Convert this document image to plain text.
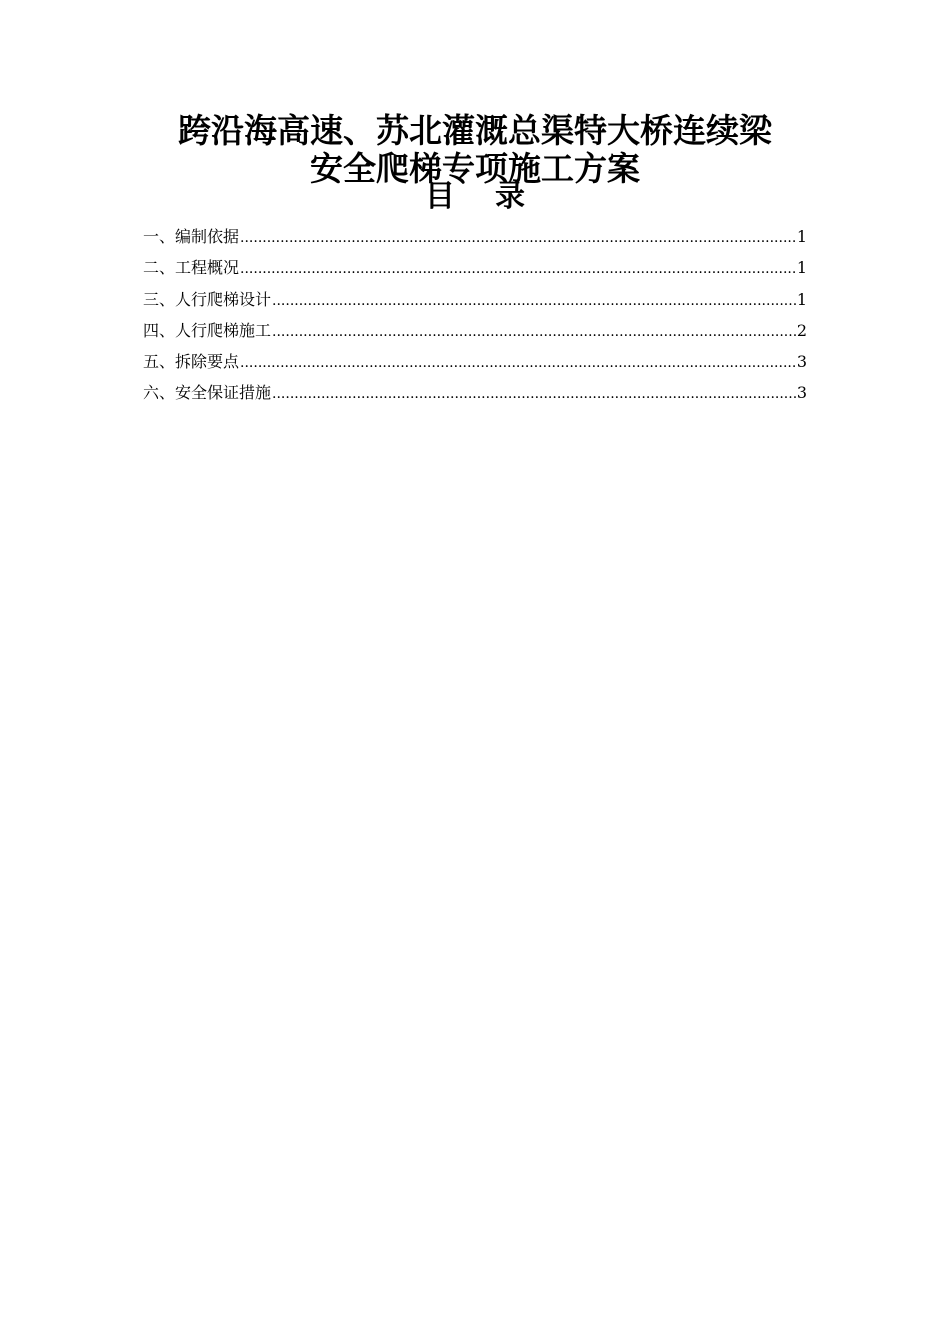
跨沿海高速、苏北灌溉总渠特大桥连续梁
安全爬梯专项施工方案
目 录
一、编制依据 .....	1
二、工程概况 .....	1
三、人行爬梯设计 .....	1
四、人行爬梯施工 .....	2
五、拆除要点 .....	3
六、安全保证措施 .....	3
